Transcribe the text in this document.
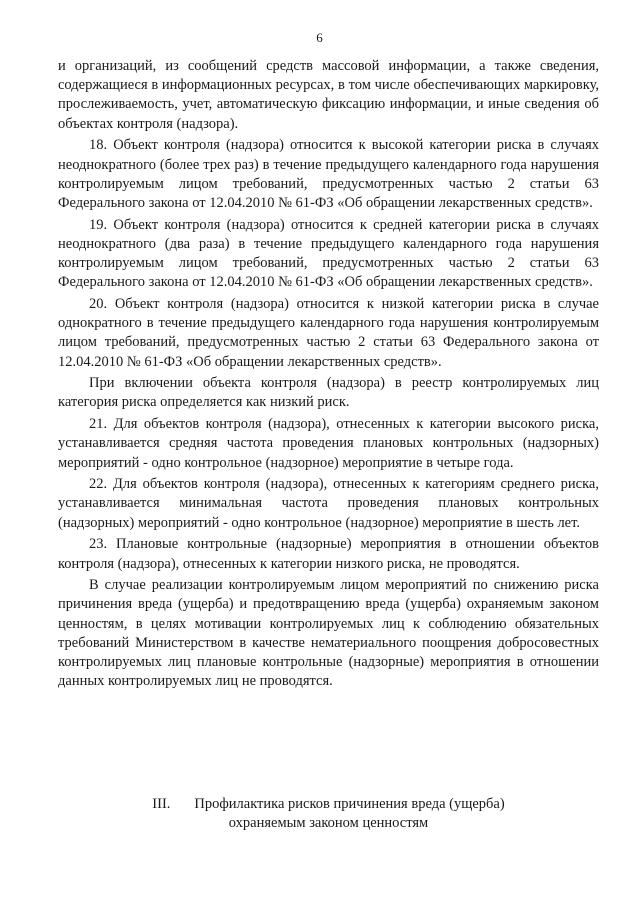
6

и организаций, из сообщений средств массовой информации, а также сведения, содержащиеся в информационных ресурсах, в том числе обеспечивающих маркировку, прослеживаемость, учет, автоматическую фиксацию информации, и иные сведения об объектах контроля (надзора).

18. Объект контроля (надзора) относится к высокой категории риска в случаях неоднократного (более трех раз) в течение предыдущего календарного года нарушения контролируемым лицом требований, предусмотренных частью 2 статьи 63 Федерального закона от 12.04.2010 № 61-ФЗ «Об обращении лекарственных средств».

19. Объект контроля (надзора) относится к средней категории риска в случаях неоднократного (два раза) в течение предыдущего календарного года нарушения контролируемым лицом требований, предусмотренных частью 2 статьи 63 Федерального закона от 12.04.2010 № 61-ФЗ «Об обращении лекарственных средств».

20. Объект контроля (надзора) относится к низкой категории риска в случае однократного в течение предыдущего календарного года нарушения контролируемым лицом требований, предусмотренных частью 2 статьи 63 Федерального закона от 12.04.2010 № 61-ФЗ «Об обращении лекарственных средств».

При включении объекта контроля (надзора) в реестр контролируемых лиц категория риска определяется как низкий риск.

21. Для объектов контроля (надзора), отнесенных к категории высокого риска, устанавливается средняя частота проведения плановых контрольных (надзорных) мероприятий - одно контрольное (надзорное) мероприятие в четыре года.

22. Для объектов контроля (надзора), отнесенных к категориям среднего риска, устанавливается минимальная частота проведения плановых контрольных (надзорных) мероприятий - одно контрольное (надзорное) мероприятие в шесть лет.

23. Плановые контрольные (надзорные) мероприятия в отношении объектов контроля (надзора), отнесенных к категории низкого риска, не проводятся.

В случае реализации контролируемым лицом мероприятий по снижению риска причинения вреда (ущерба) и предотвращению вреда (ущерба) охраняемым законом ценностям, в целях мотивации контролируемых лиц к соблюдению обязательных требований Министерством в качестве нематериального поощрения добросовестных контролируемых лиц плановые контрольные (надзорные) мероприятия в отношении данных контролируемых лиц не проводятся.

III. Профилактика рисков причинения вреда (ущерба)
охраняемым законом ценностям
